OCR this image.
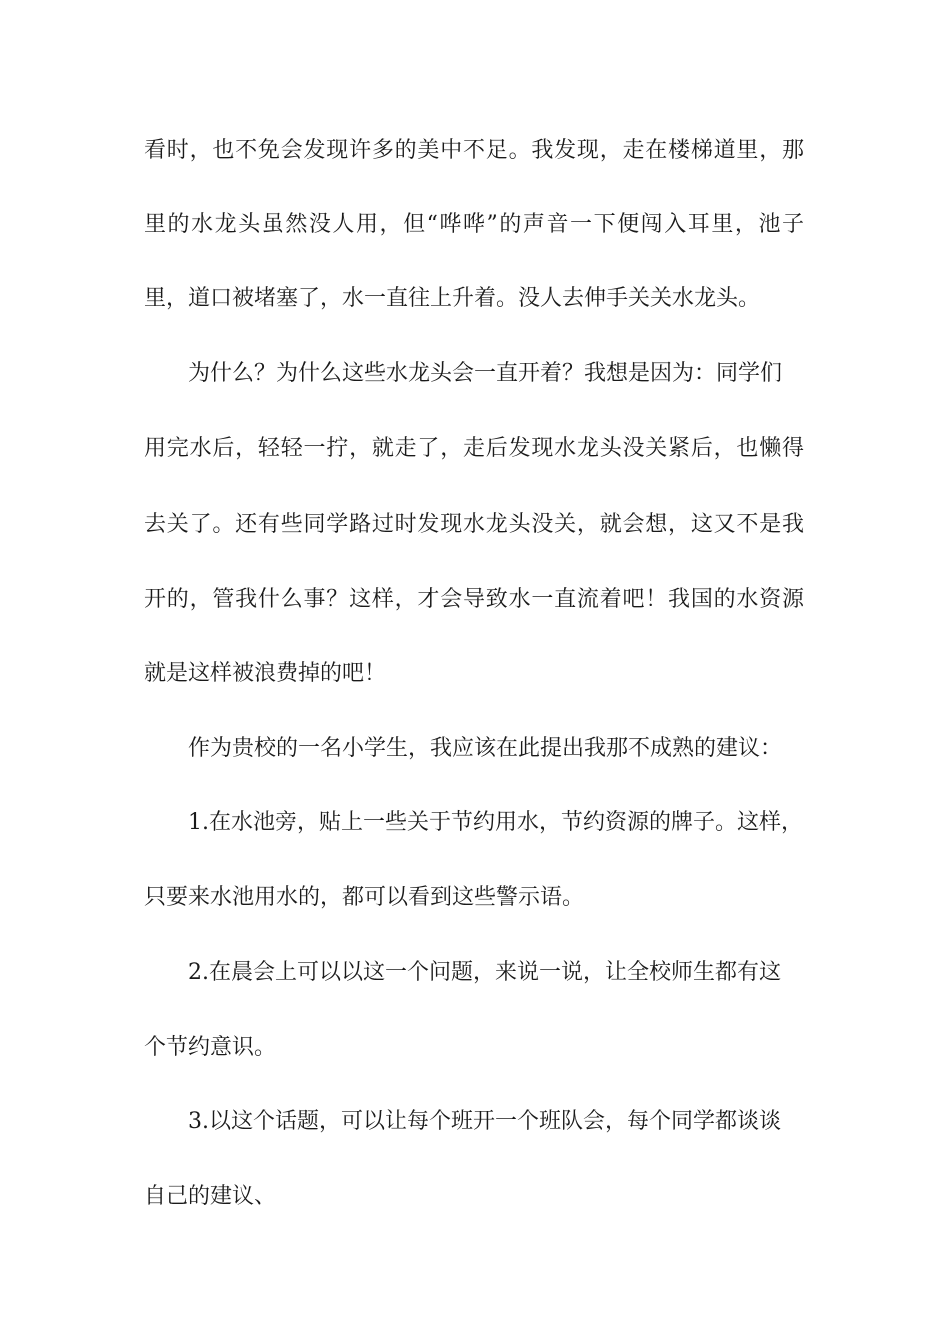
看时，也不免会发现许多的美中不足。我发现，走在楼梯道里，那

里的水龙头虽然没人用，但“哗哗”的声音一下便闯入耳里，池子

里，道口被堵塞了，水一直往上升着。没人去伸手关关水龙头。

为什么？为什么这些水龙头会一直开着？我想是因为：同学们

用完水后，轻轻一拧，就走了，走后发现水龙头没关紧后，也懒得

去关了。还有些同学路过时发现水龙头没关，就会想，这又不是我

开的，管我什么事？这样，才会导致水一直流着吧！我国的水资源

就是这样被浪费掉的吧！

作为贵校的一名小学生，我应该在此提出我那不成熟的建议：

1.在水池旁，贴上一些关于节约用水，节约资源的牌子。这样，

只要来水池用水的，都可以看到这些警示语。

2.在晨会上可以以这一个问题，来说一说，让全校师生都有这

个节约意识。

3.以这个话题，可以让每个班开一个班队会，每个同学都谈谈

自己的建议、
